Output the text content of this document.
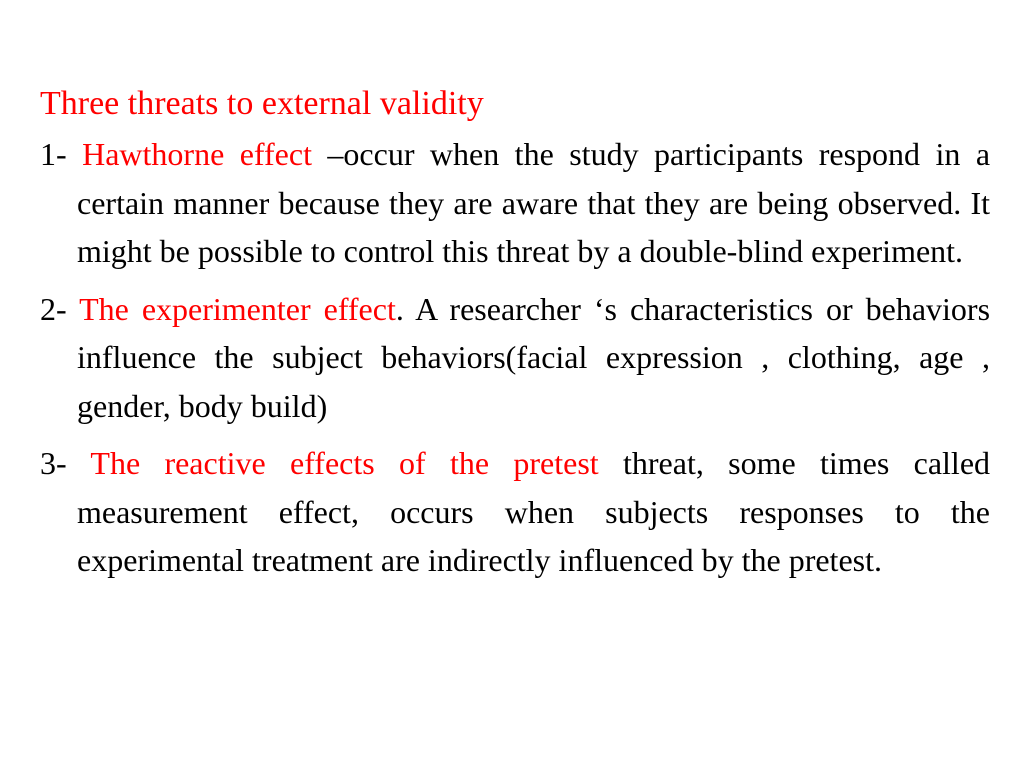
Three threats to external validity

1- Hawthorne effect –occur when the study participants respond in a certain manner because they are aware that they are being observed. It might be possible to control this threat by a double-blind experiment.

2- The experimenter effect. A researcher ‘s characteristics or behaviors influence the subject behaviors(facial expression , clothing, age , gender, body build)

3- The reactive effects of the pretest threat, some times called measurement effect, occurs when subjects responses to the experimental treatment are indirectly influenced by the pretest.
